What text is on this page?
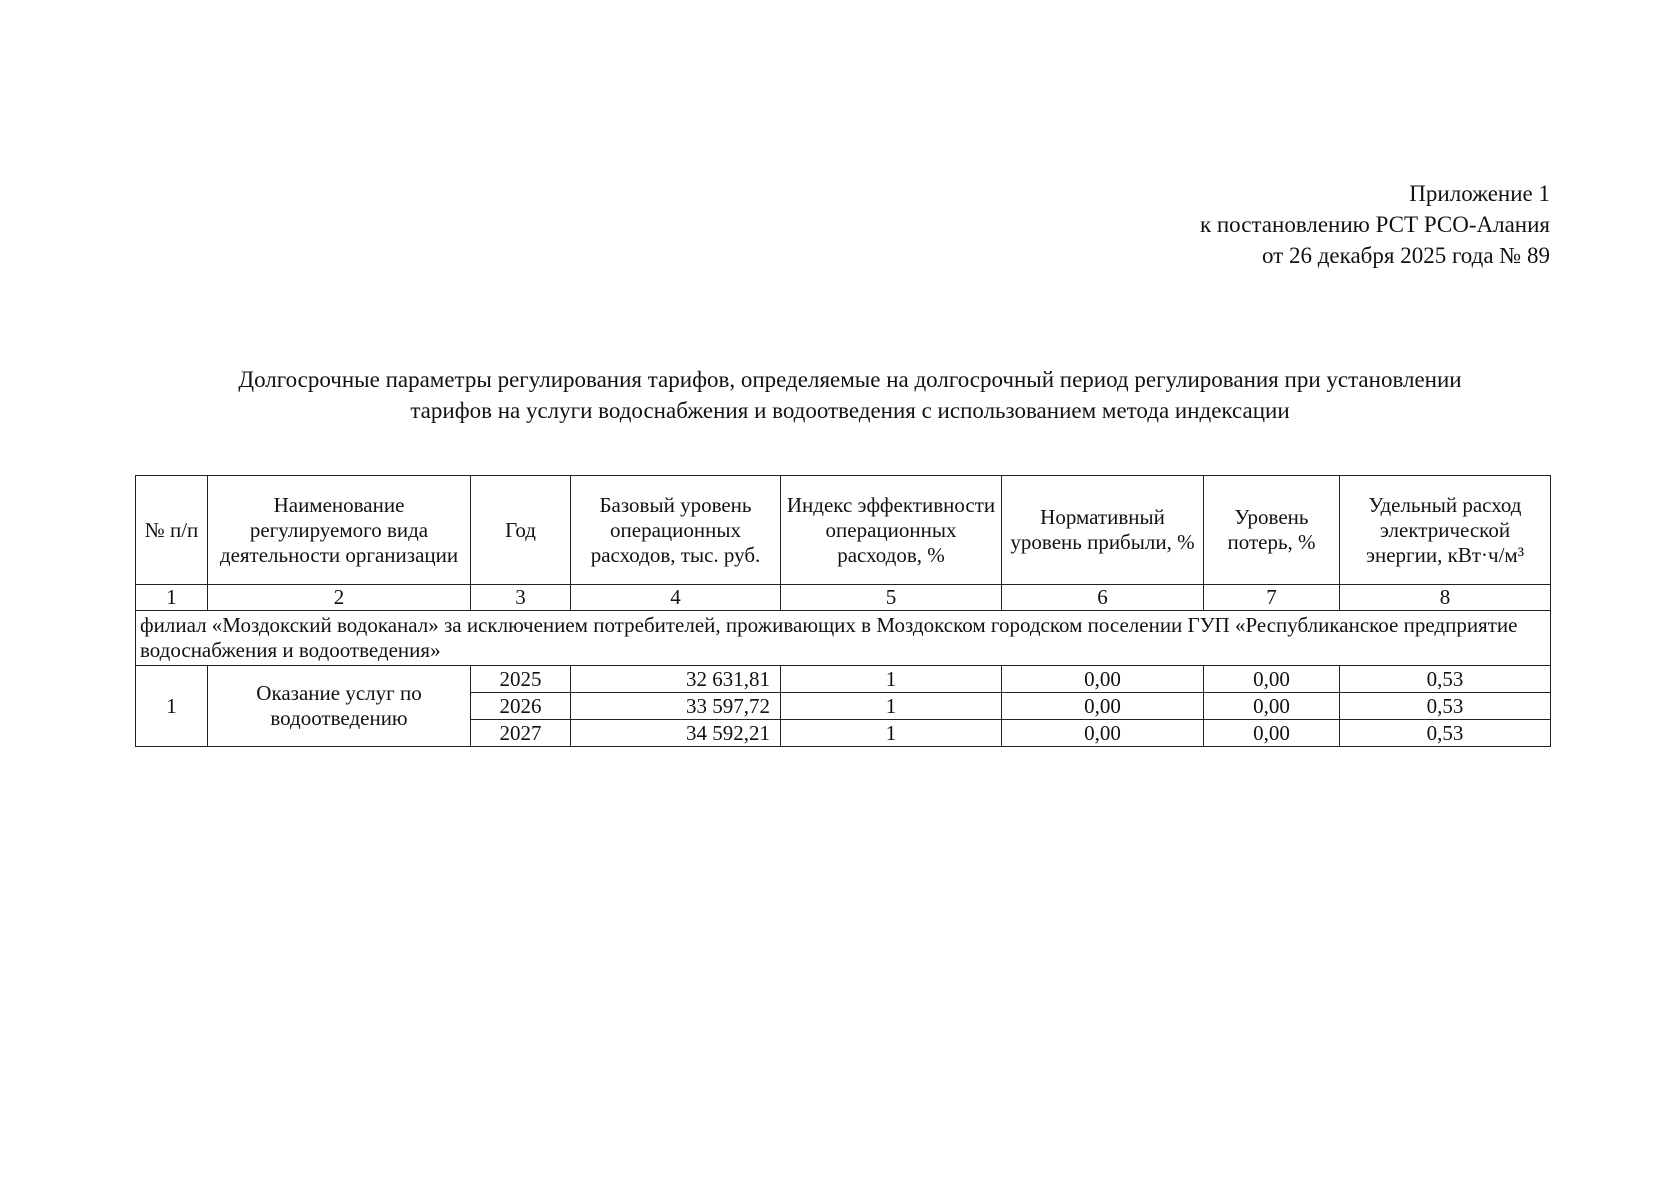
Приложение 1
к постановлению РСТ РСО-Алания
от 26 декабря 2025 года № 89
Долгосрочные параметры регулирования тарифов, определяемые на долгосрочный период регулирования при установлении
тарифов на услуги водоснабжения и водоотведения с использованием метода индексации
№ п/п	Наименование регулируемого вида деятельности организации	Год	Базовый уровень операционных расходов, тыс. руб.	Индекс эффективности операционных расходов, %	Нормативный уровень прибыли, %	Уровень потерь, %	Удельный расход электрической энергии, кВт·ч/м³
1	2	3	4	5	6	7	8
филиал «Моздокский водоканал» за исключением потребителей, проживающих в Моздокском городском поселении ГУП «Республиканское предприятие водоснабжения и водоотведения»							
1	Оказание услуг по водоотведению	2025	32 631,81	1	0,00	0,00	0,53
		2026	33 597,72	1	0,00	0,00	0,53
		2027	34 592,21	1	0,00	0,00	0,53
